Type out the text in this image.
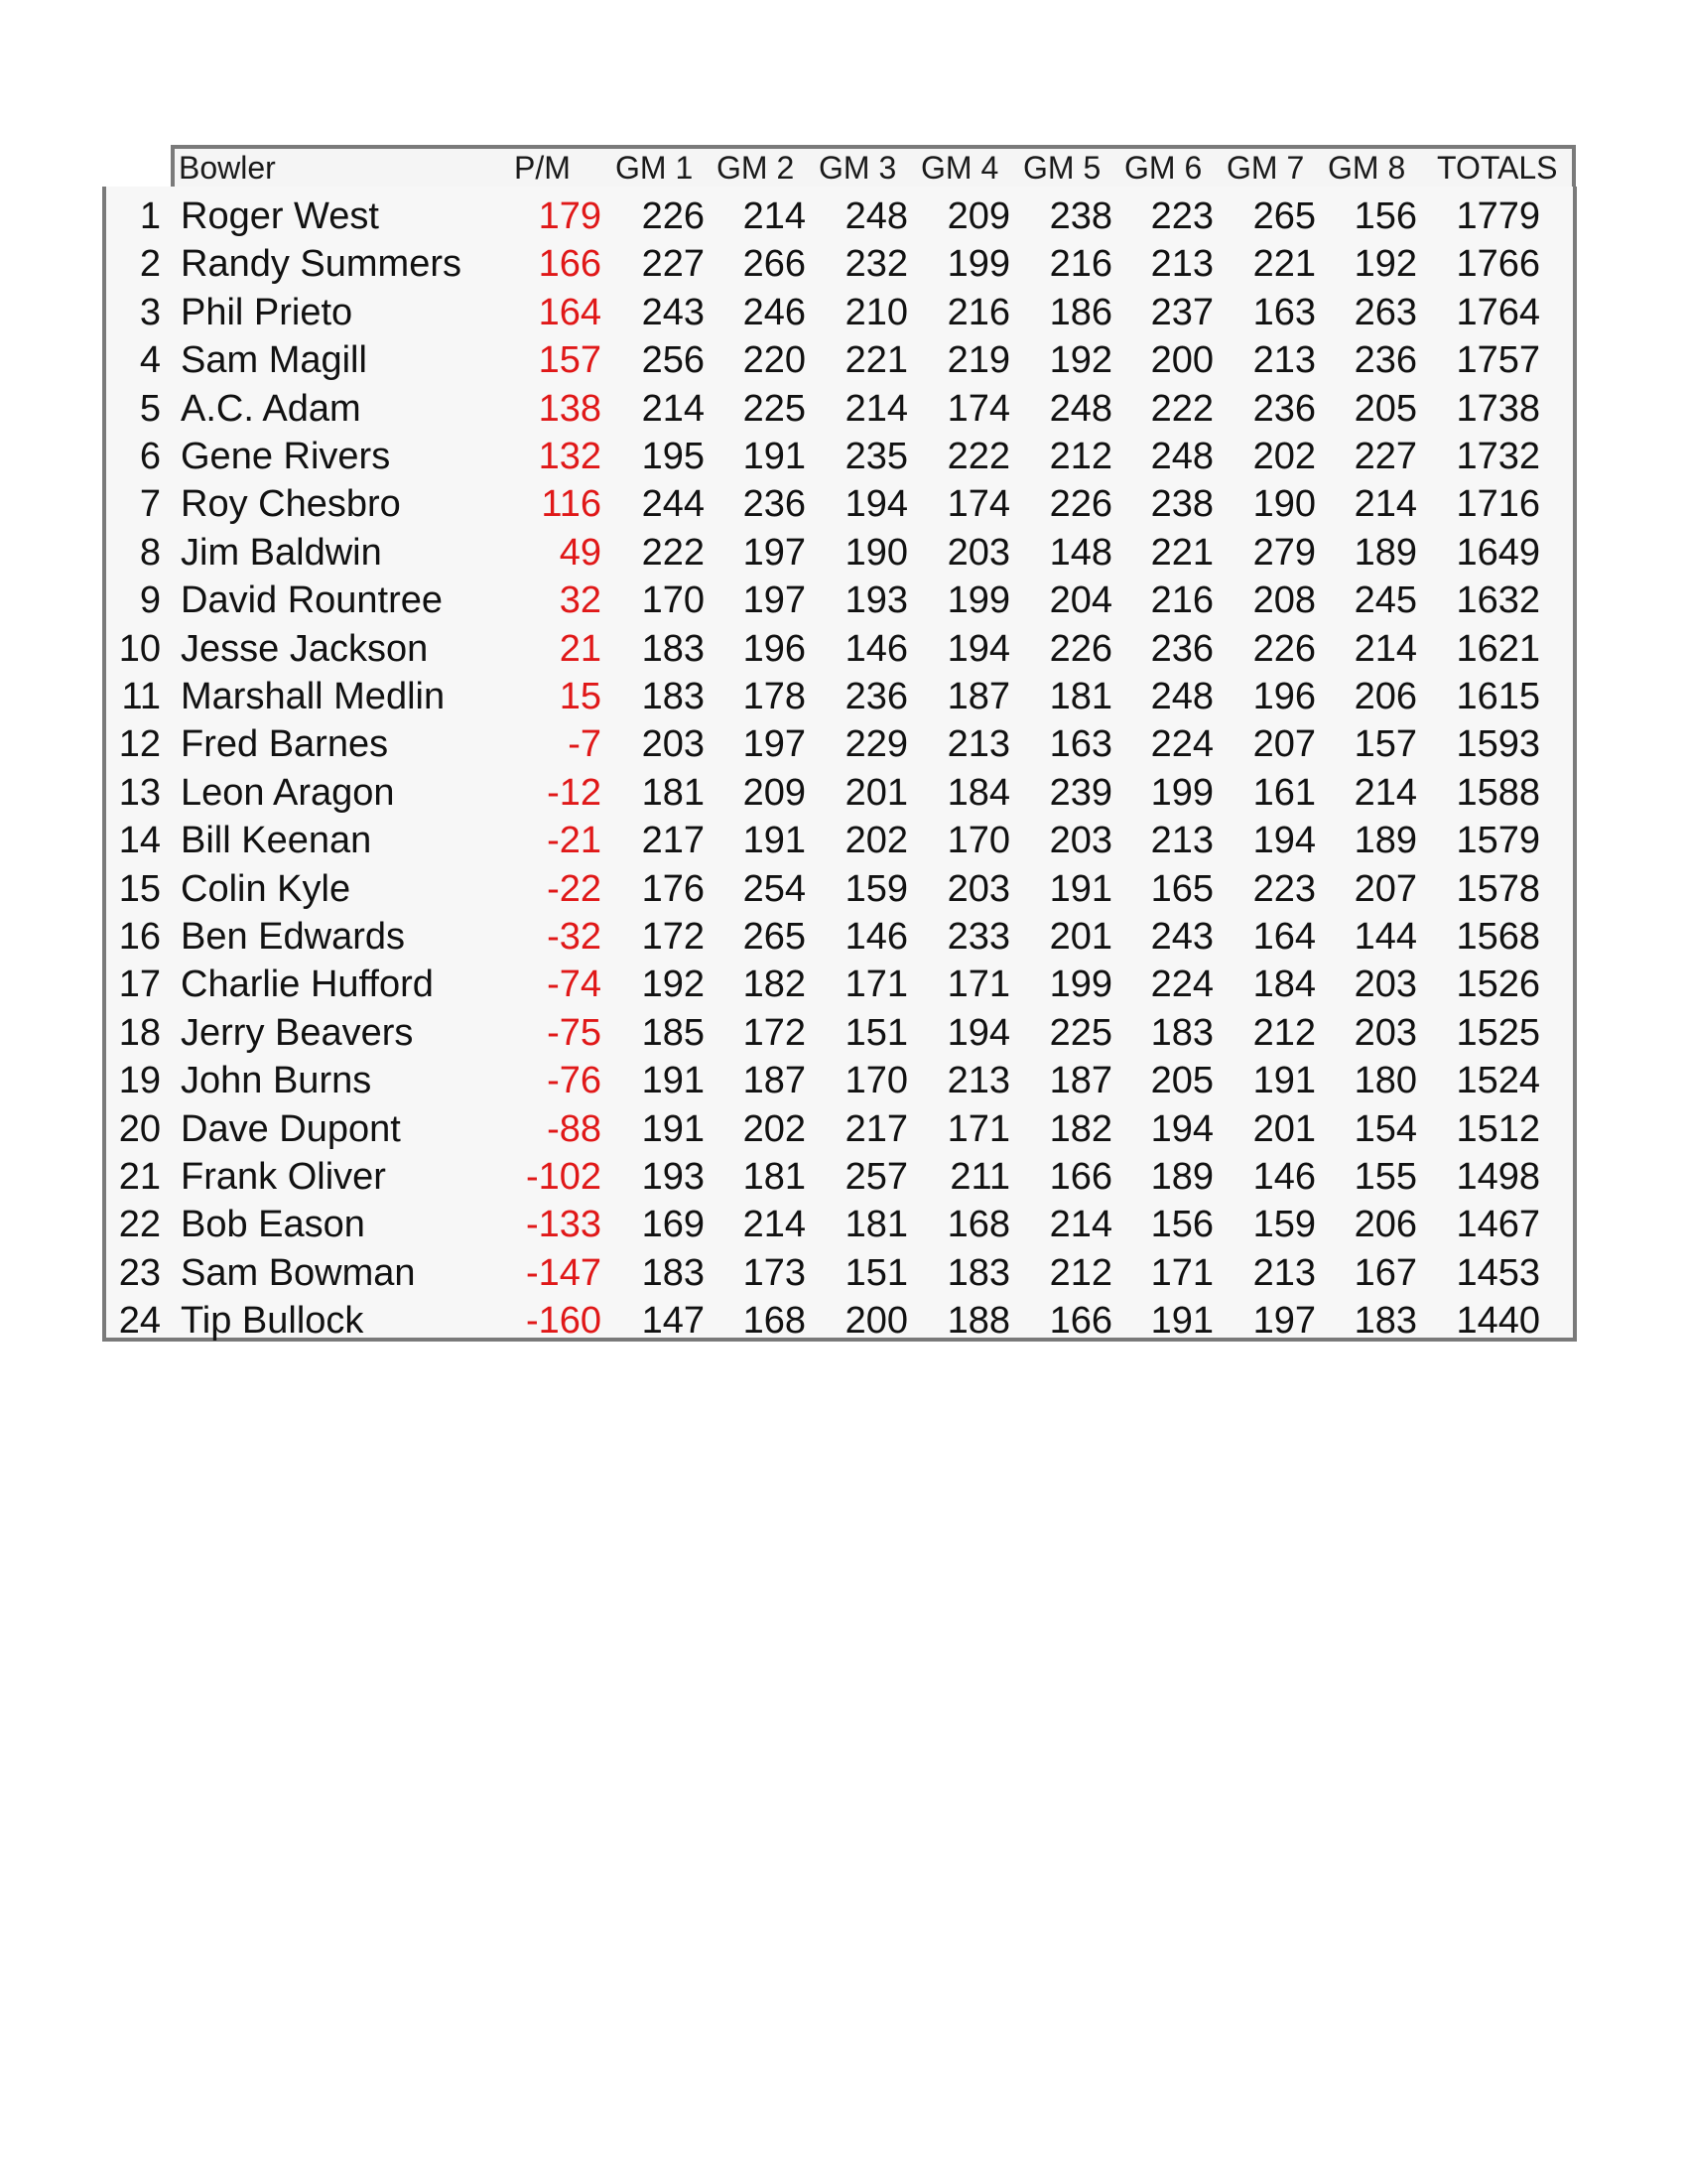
Bowler	P/M GM 1 GM 2 GM 3 GM 4 GM 5 GM 6 GM 7 GM 8 TOTALS
1 Roger West	179	226	214	248	209	238	223	265	156	1779
2 Randy Summers	166	227	266	232	199	216	213	221	192	1766
3 Phil Prieto	164	243	246	210	216	186	237	163	263	1764
4 Sam Magill	157	256	220	221	219	192	200	213	236	1757
5 A.C. Adam	138	214	225	214	174	248	222	236	205	1738
6 Gene Rivers	132	195	191	235	222	212	248	202	227	1732
7 Roy Chesbro	116	244	236	194	174	226	238	190	214	1716
8 Jim Baldwin	49	222	197	190	203	148	221	279	189	1649
9 David Rountree	32	170	197	193	199	204	216	208	245	1632
10 Jesse Jackson	21	183	196	146	194	226	236	226	214	1621
11 Marshall Medlin	15	183	178	236	187	181	248	196	206	1615
12 Fred Barnes	-7	203	197	229	213	163	224	207	157	1593
13 Leon Aragon	-12	181	209	201	184	239	199	161	214	1588
14 Bill Keenan	-21	217	191	202	170	203	213	194	189	1579
15 Colin Kyle	-22	176	254	159	203	191	165	223	207	1578
16 Ben Edwards	-32	172	265	146	233	201	243	164	144	1568
17 Charlie Hufford	-74	192	182	171	171	199	224	184	203	1526
18 Jerry Beavers	-75	185	172	151	194	225	183	212	203	1525
19 John Burns	-76	191	187	170	213	187	205	191	180	1524
20 Dave Dupont	-88	191	202	217	171	182	194	201	154	1512
21 Frank Oliver	-102	193	181	257	211	166	189	146	155	1498
22 Bob Eason	-133	169	214	181	168	214	156	159	206	1467
23 Sam Bowman	-147	183	173	151	183	212	171	213	167	1453
24 Tip Bullock	-160	147	168	200	188	166	191	197	183	1440
